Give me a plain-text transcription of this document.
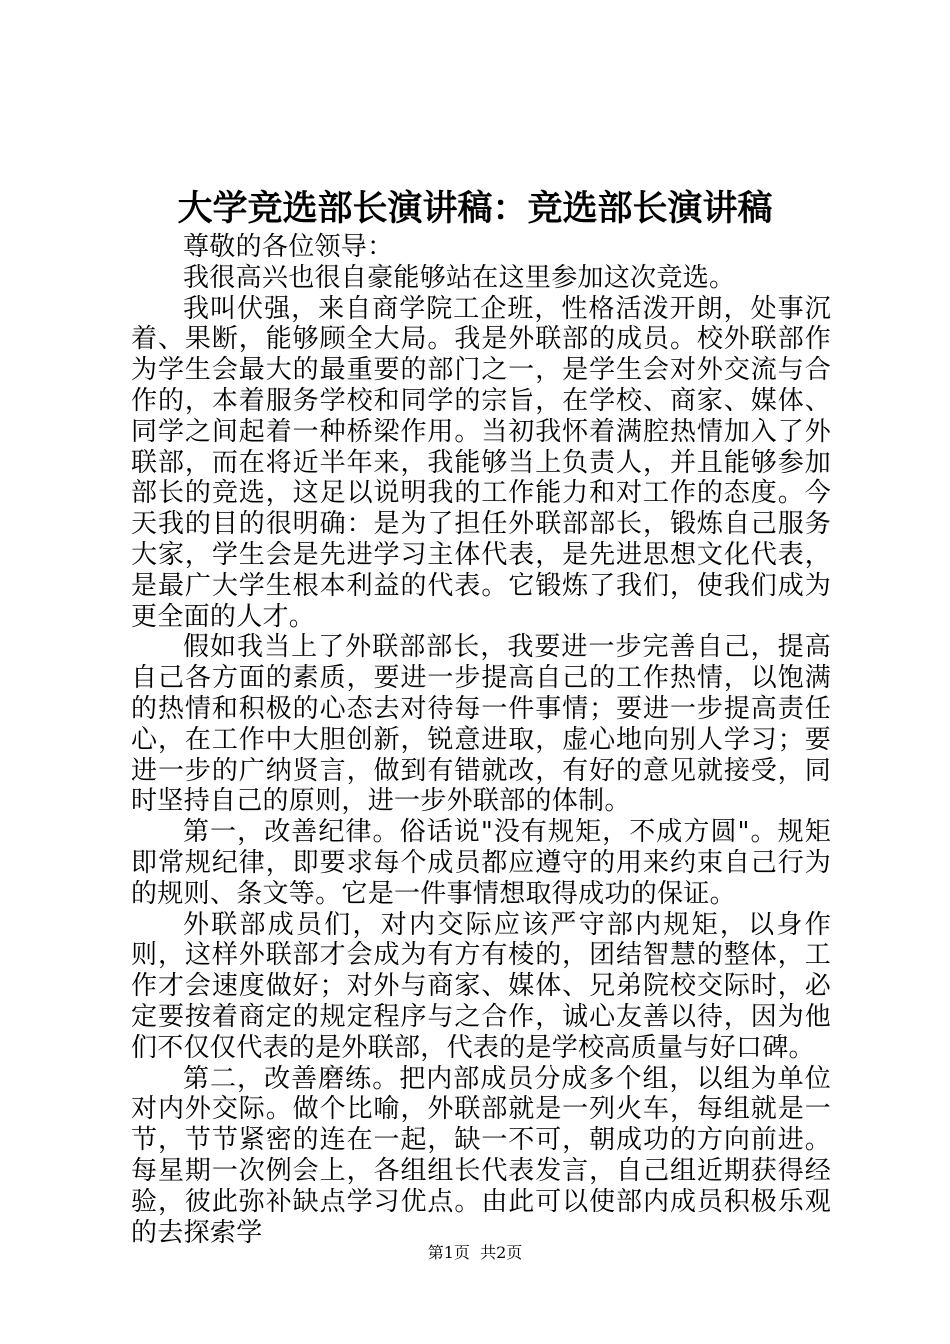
大学竞选部长演讲稿：竞选部长演讲稿

尊敬的各位领导：

我很高兴也很自豪能够站在这里参加这次竞选。

我叫伏强，来自商学院工企班，性格活泼开朗，处事沉着、果断，能够顾全大局。我是外联部的成员。校外联部作为学生会最大的最重要的部门之一，是学生会对外交流与合作的，本着服务学校和同学的宗旨，在学校、商家、媒体、同学之间起着一种桥梁作用。当初我怀着满腔热情加入了外联部，而在将近半年来，我能够当上负责人，并且能够参加部长的竞选，这足以说明我的工作能力和对工作的态度。今天我的目的很明确：是为了担任外联部部长，锻炼自己服务大家，学生会是先进学习主体代表，是先进思想文化代表，是最广大学生根本利益的代表。它锻炼了我们，使我们成为更全面的人才。

假如我当上了外联部部长，我要进一步完善自己，提高自己各方面的素质，要进一步提高自己的工作热情，以饱满的热情和积极的心态去对待每一件事情；要进一步提高责任心，在工作中大胆创新，锐意进取，虚心地向别人学习；要进一步的广纳贤言，做到有错就改，有好的意见就接受，同时坚持自己的原则，进一步外联部的体制。

第一，改善纪律。俗话说"没有规矩，不成方圆"。规矩即常规纪律，即要求每个成员都应遵守的用来约束自己行为的规则、条文等。它是一件事情想取得成功的保证。

外联部成员们，对内交际应该严守部内规矩，以身作则，这样外联部才会成为有方有棱的，团结智慧的整体，工作才会速度做好；对外与商家、媒体、兄弟院校交际时，必定要按着商定的规定程序与之合作，诚心友善以待，因为他们不仅仅代表的是外联部，代表的是学校高质量与好口碑。

第二，改善磨练。把内部成员分成多个组，以组为单位对内外交际。做个比喻，外联部就是一列火车，每组就是一节，节节紧密的连在一起，缺一不可，朝成功的方向前进。每星期一次例会上，各组组长代表发言，自己组近期获得经验，彼此弥补缺点学习优点。由此可以使部内成员积极乐观的去探索学

第1页 共2页
